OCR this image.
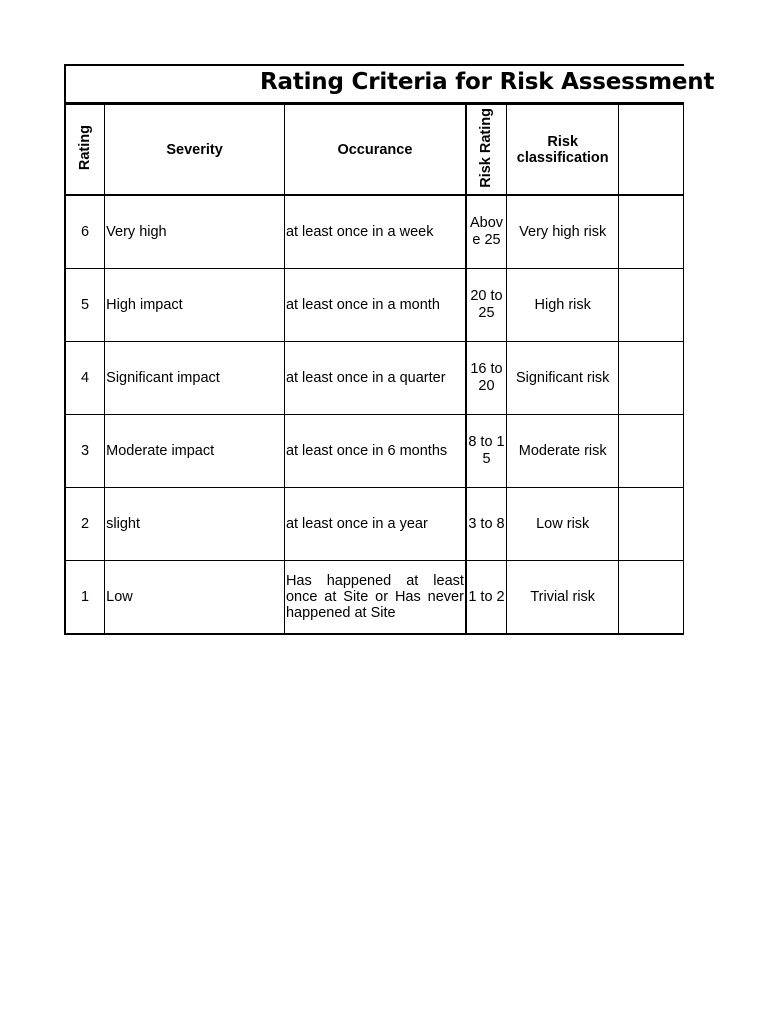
Rating Criteria for Risk Assessment
Rating	Severity	Occurance	Risk Rating	Risk classification	
6	Very high	at least once in a week	Above 25	Very high risk	
5	High impact	at least once in a month	20 to 25	High risk	
4	Significant impact	at least once in a quarter	16 to 20	Significant risk	
3	Moderate impact	at least once in 6 months	8 to 15	Moderate risk	
2	slight	at least once in a year	3 to 8	Low risk	
1	Low	Has happened at least once at Site or Has never happened at Site	1 to 2	Trivial risk	
